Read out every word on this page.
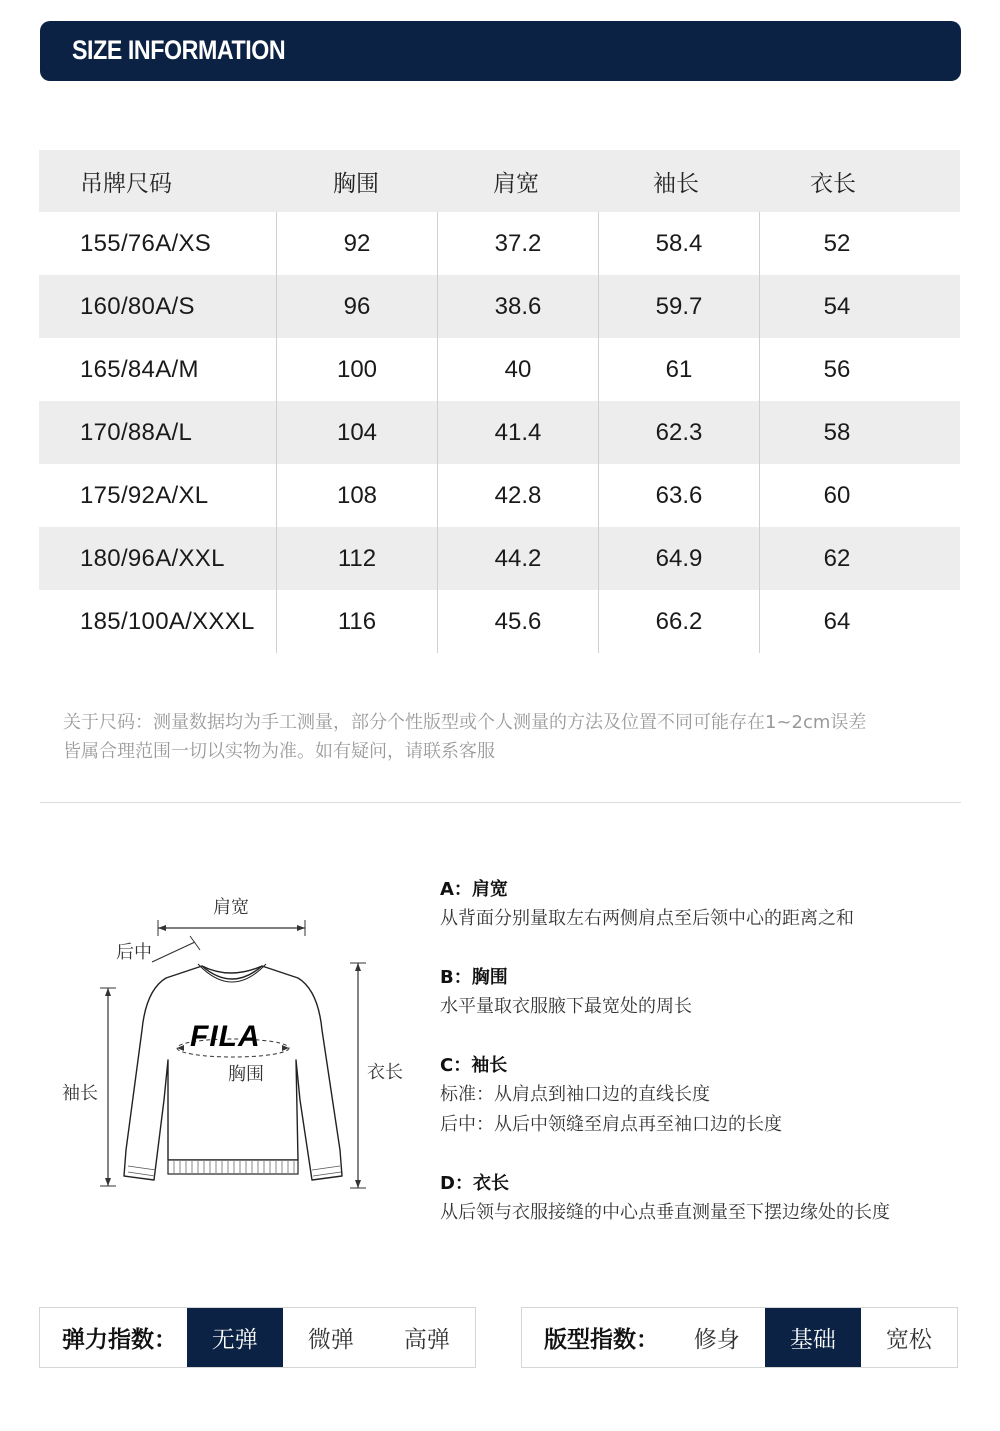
SIZE INFORMATION
吊牌尺码	胸围	肩宽	袖长	衣长
155/76A/XS	92	37.2	58.4	52
160/80A/S	96	38.6	59.7	54
165/84A/M	100	40	61	56
170/88A/L	104	41.4	62.3	58
175/92A/XL	108	42.8	63.6	60
180/96A/XXL	112	44.2	64.9	62
185/100A/XXXL	116	45.6	66.2	64
关于尺码：测量数据均为手工测量，部分个性版型或个人测量的方法及位置不同可能存在1~2cm误差
皆属合理范围一切以实物为准。如有疑问，请联系客服
FILA
肩宽
后中
胸围
袖长
衣长
A：肩宽
从背面分别量取左右两侧肩点至后领中心的距离之和
B：胸围
水平量取衣服腋下最宽处的周长
C：袖长
标准：从肩点到袖口边的直线长度
后中：从后中领缝至肩点再至袖口边的长度
D：衣长
从后领与衣服接缝的中心点垂直测量至下摆边缘处的长度
弹力指数：	无弹	微弹	高弹	版型指数：	修身	基础	宽松
